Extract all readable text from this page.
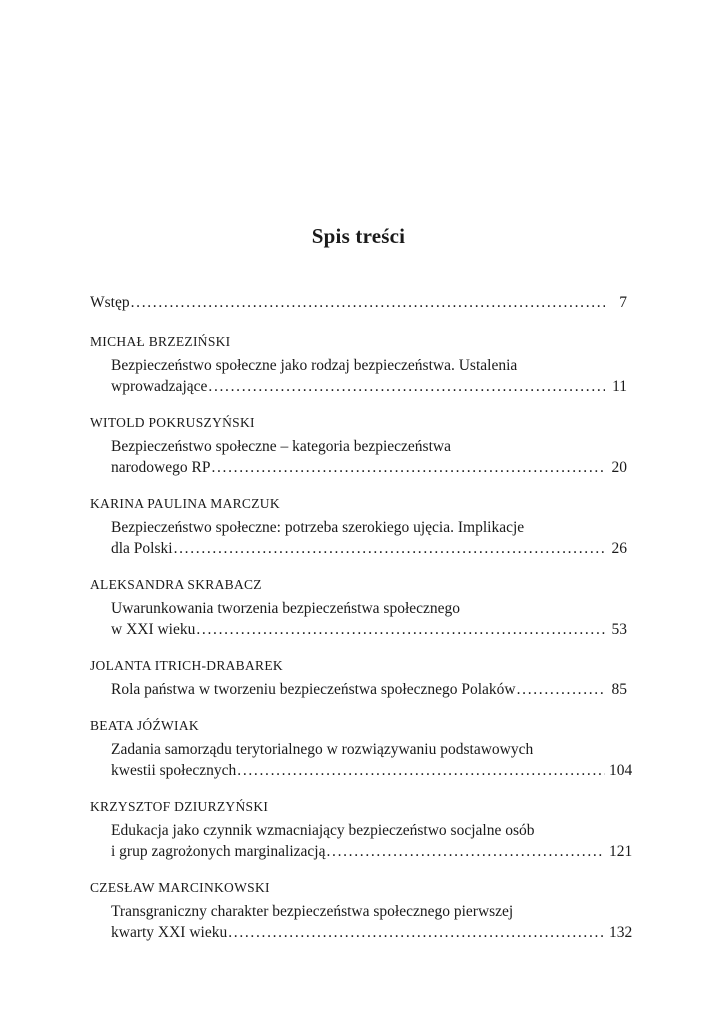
Spis treści
Wstęp . . .	7
MICHAŁ BRZEZIŃSKI
Bezpieczeństwo społeczne jako rodzaj bezpieczeństwa. Ustalenia
wprowadzające . . .	11
WITOLD POKRUSZYŃSKI
Bezpieczeństwo społeczne – kategoria bezpieczeństwa
narodowego RP . . .	20
KARINA PAULINA MARCZUK
Bezpieczeństwo społeczne: potrzeba szerokiego ujęcia. Implikacje
dla Polski . . .	26
ALEKSANDRA SKRABACZ
Uwarunkowania tworzenia bezpieczeństwa społecznego
w XXI wieku . . .	53
JOLANTA ITRICH-DRABAREK
Rola państwa w tworzeniu bezpieczeństwa społecznego Polaków . . .	85
BEATA JÓŹWIAK
Zadania samorządu terytorialnego w rozwiązywaniu podstawowych
kwestii społecznych . . .	104
KRZYSZTOF DZIURZYŃSKI
Edukacja jako czynnik wzmacniający bezpieczeństwo socjalne osób
i grup zagrożonych marginalizacją . . .	121
CZESŁAW MARCINKOWSKI
Transgraniczny charakter bezpieczeństwa społecznego pierwszej
kwarty XXI wieku . . .	132
